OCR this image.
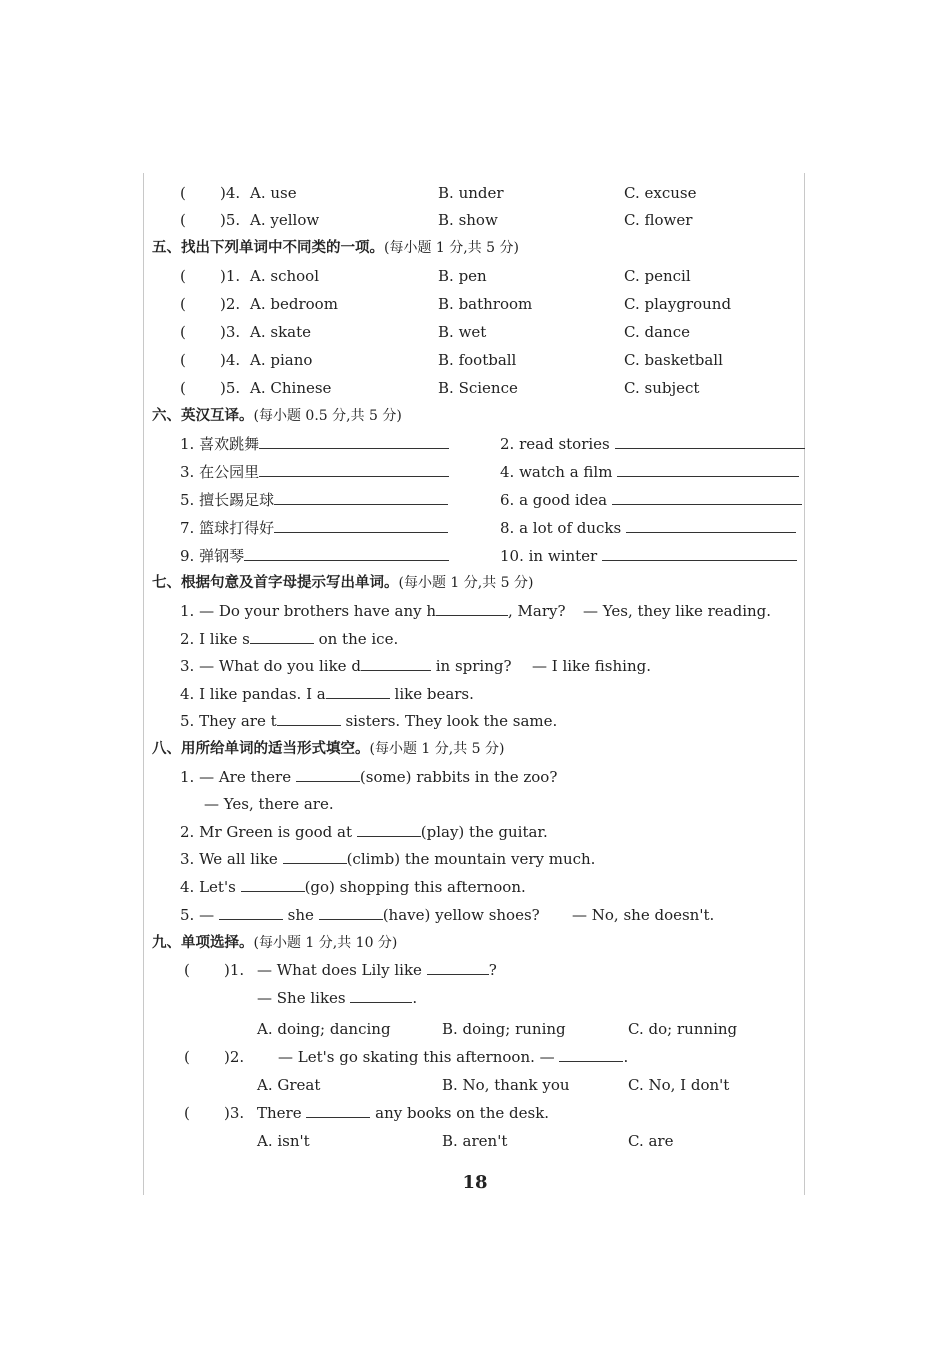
( )4. A. use	B. under	C. excuse
( )5. A. yellow	B. show	C. flower
五、找出下列单词中不同类的一项。(每小题 1 分,共 5 分)
( )1. A. school	B. pen	C. pencil
( )2. A. bedroom	B. bathroom	C. playground
( )3. A. skate	B. wet	C. dance
( )4. A. piano	B. football	C. basketball
( )5. A. Chinese	B. Science	C. subject
六、英汉互译。(每小题 0.5 分,共 5 分)
1. 喜欢跳舞	2. read stories
3. 在公园里	4. watch a film
5. 擅长踢足球	6. a good idea
7. 篮球打得好	8. a lot of ducks
9. 弹钢琴	10. in winter
七、根据句意及首字母提示写出单词。(每小题 1 分,共 5 分)
1. — Do your brothers have any h	, Mary? — Yes, they like reading.
2. I like s	on the ice.
3. — What do you like d	in spring? — I like fishing.
4. I like pandas. I a	like bears.
5. They are t	sisters. They look the same.
八、用所给单词的适当形式填空。(每小题 1 分,共 5 分)
1. — Are there	(some) rabbits in the zoo?
— Yes, there are.
2. Mr Green is good at	(play) the guitar.
3. We all like	(climb) the mountain very much.
4. Let's	(go) shopping this afternoon.
5. —	she	(have) yellow shoes? — No, she doesn't.
九、单项选择。(每小题 1 分,共 10 分)
( )1. — What does Lily like	?
— She likes	.
A. doing; dancing	B. doing; runing	C. do; running
( )2. — Let's go skating this afternoon. —	.
A. Great	B. No, thank you	C. No, I don't
( )3. There	any books on the desk.
A. isn't	B. aren't	C. are
18
